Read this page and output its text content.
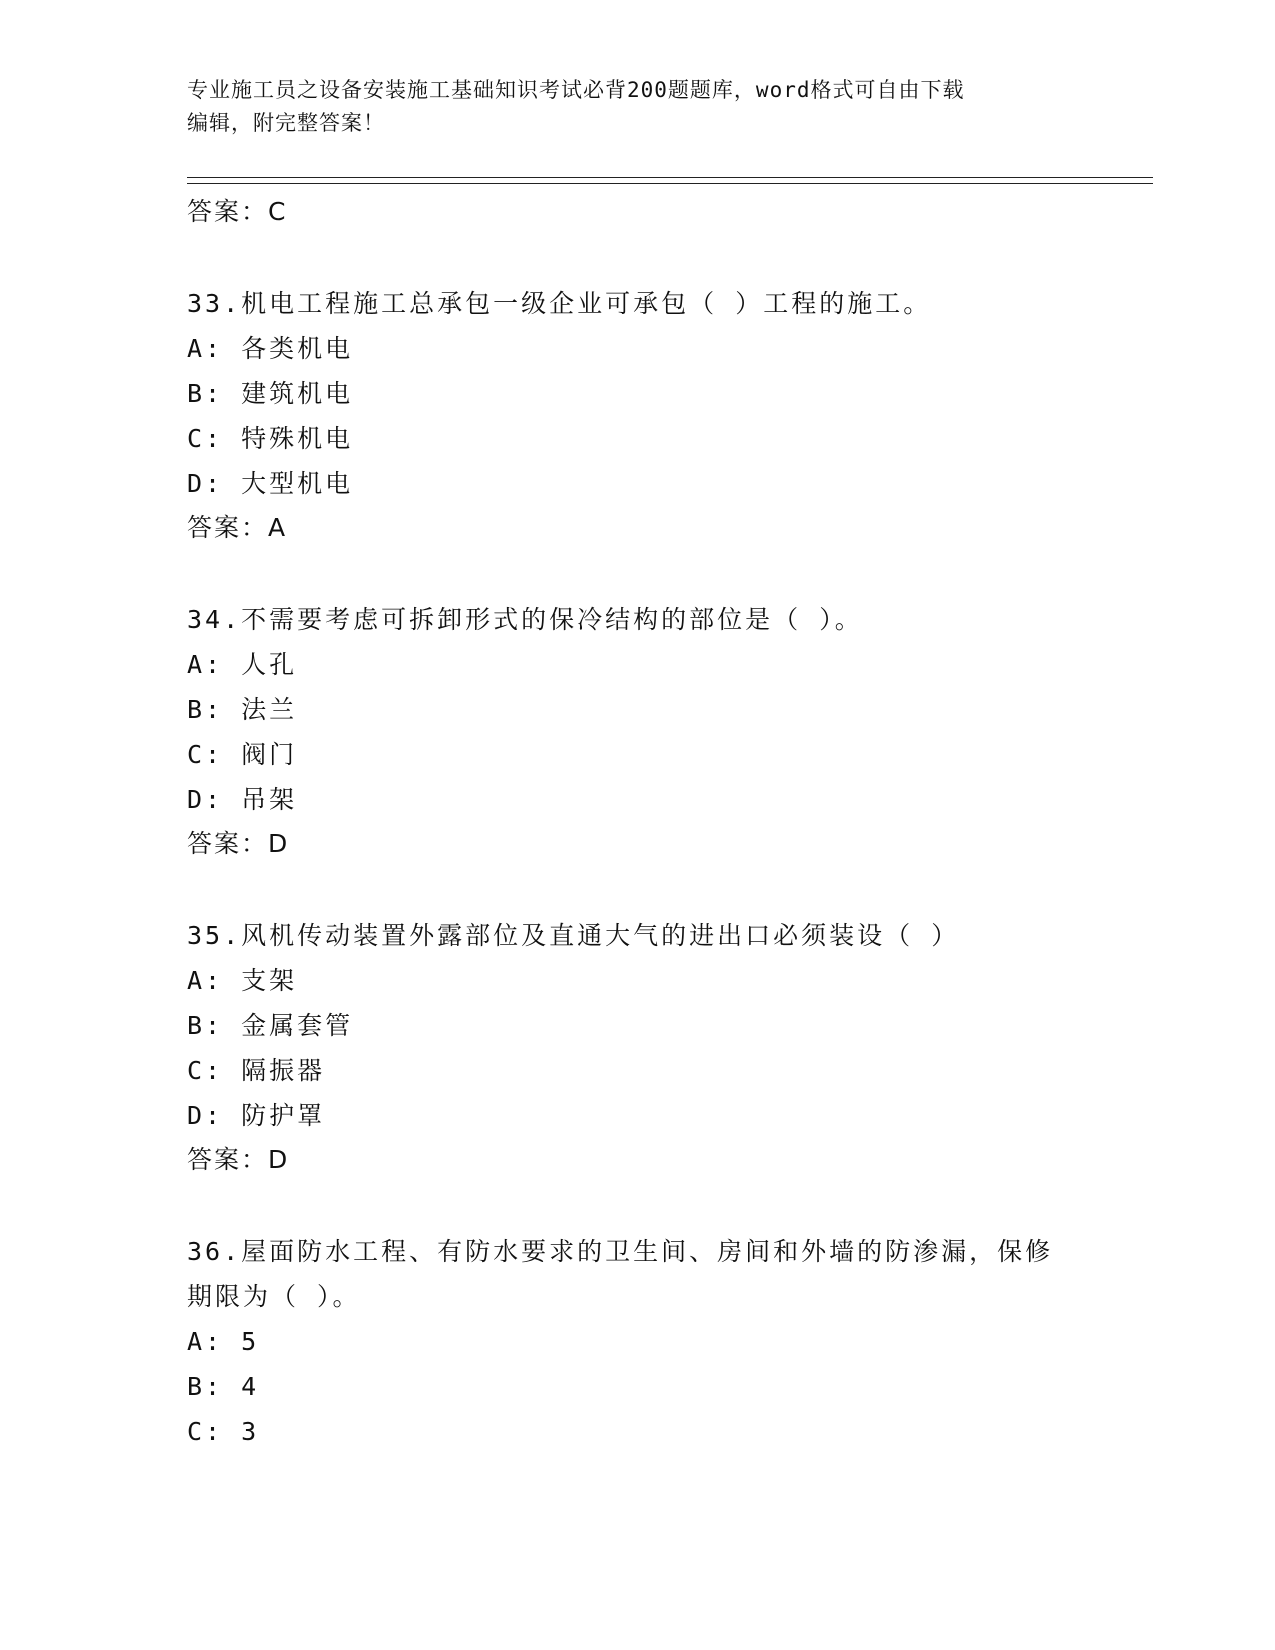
专业施工员之设备安装施工基础知识考试必背200题题库，word格式可自由下载
编辑，附完整答案！
答案：C
33.机电工程施工总承包一级企业可承包（ ）工程的施工。
A: 各类机电
B: 建筑机电
C: 特殊机电
D: 大型机电
答案：A
34.不需要考虑可拆卸形式的保冷结构的部位是（ ）。
A: 人孔
B: 法兰
C: 阀门
D: 吊架
答案：D
35.风机传动装置外露部位及直通大气的进出口必须装设（ ）
A: 支架
B: 金属套管
C: 隔振器
D: 防护罩
答案：D
36.屋面防水工程、有防水要求的卫生间、房间和外墙的防渗漏，保修
期限为（ ）。
A: 5
B: 4
C: 3
